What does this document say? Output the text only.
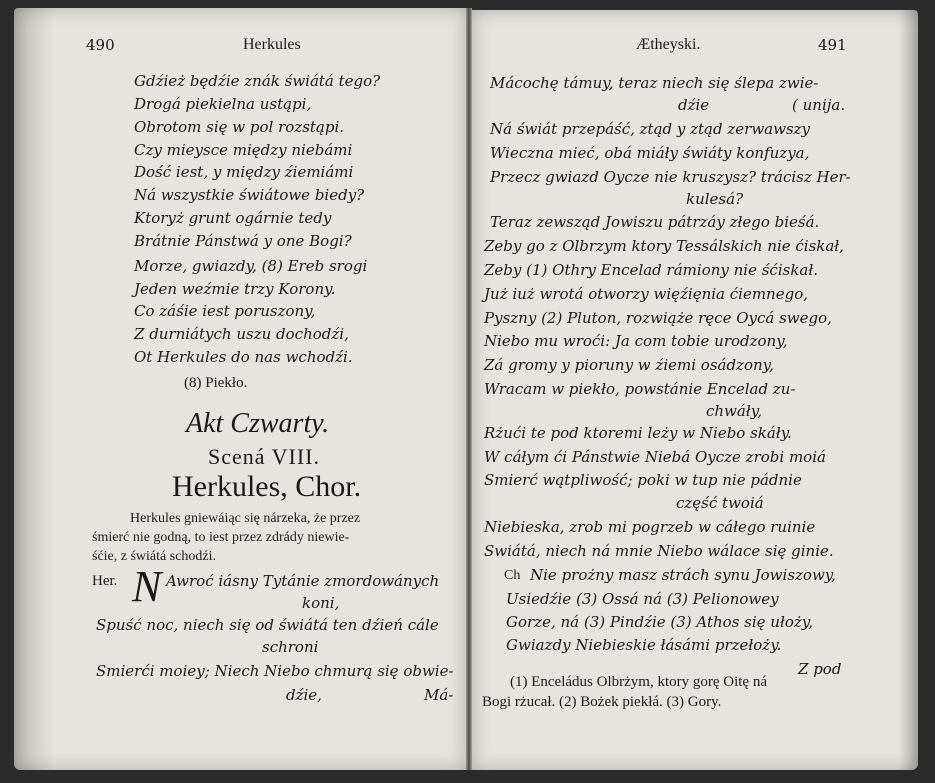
490	Herkules
Gdźież będźie znák świátá tego?
Drogá piekielna ustąpi,
Obrotom się w pol rozstąpi.
Czy mieysce między niebámi
Dość iest, y między źiemiámi
Ná wszystkie świátowe biedy?
Ktoryż grunt ogárnie tedy
Brátnie Pánstwá y one Bogi?
Morze, gwiazdy, (8) Ereb srogi
Jeden weźmie trzy Korony.
Co záśie iest poruszony,
Z durniátych uszu dochodźi,
Ot Herkules do nas wchodźi.
(8) Piekło.
Akt Czwarty.
Scená VIII.
Herkules, Chor.
Herkules gniewáiąc się nárzeka, że przez
śmierć nie godną, to iest przez zdrády niewie-
śćie, z świátá schodźi.
Her. N Awroć iásny Tytánie zmordowánych
koni,
Spuść noc, niech się od świátá ten dźień cále
schroni
Smierći moiey; Niech Niebo chmurą się obwie-
dźie,	Má-
Ætheyski.	491
Mácochę támuy, teraz niech się ślepa zwie-
dźie	( unija.
Ná świát przepáść, ztąd y ztąd zerwawszy
Wieczna mieć, obá miáły świáty konfuzya,
Przecz gwiazd Oycze nie kruszysz? trácisz Her-
kulesá?
Teraz zewsząd Jowiszu pátrzáy złego bieśá.
Zeby go z Olbrzym ktory Tessálskich nie ćiskał,
Zeby (1) Othry Encelad rámiony nie śćiskał.
Już iuż wrotá otworzy więźięnia ćiemnego,
Pyszny (2) Pluton, rozwiąże ręce Oycá swego,
Niebo mu wroći: Ja com tobie urodzony,
Zá gromy y pioruny w źiemi osádzony,
Wracam w piekło, powstánie Encelad zu-
chwáły,
Rżući te pod ktoremi leży w Niebo skáły.
W cáłym ći Pánstwie Niebá Oycze zrobi moiá
Smierć wątpliwość; poki w tup nie pádnie
część twoiá
Niebieska, zrob mi pogrzeb w cáłego ruinie
Swiátá, niech ná mnie Niebo wálace się ginie.
Ch Nie prożny masz strách synu Jowiszowy,
Usiedźie (3) Ossá ná (3) Pelionowey
Gorze, ná (3) Pindźie (3) Athos się ułoży,
Gwiazdy Niebieskie łásámi przełoży.
Z pod
(1) Enceládus Olbrżym, ktory gorę Oitę ná
Bogi rżucał. (2) Bożek piekłá. (3) Gory.
